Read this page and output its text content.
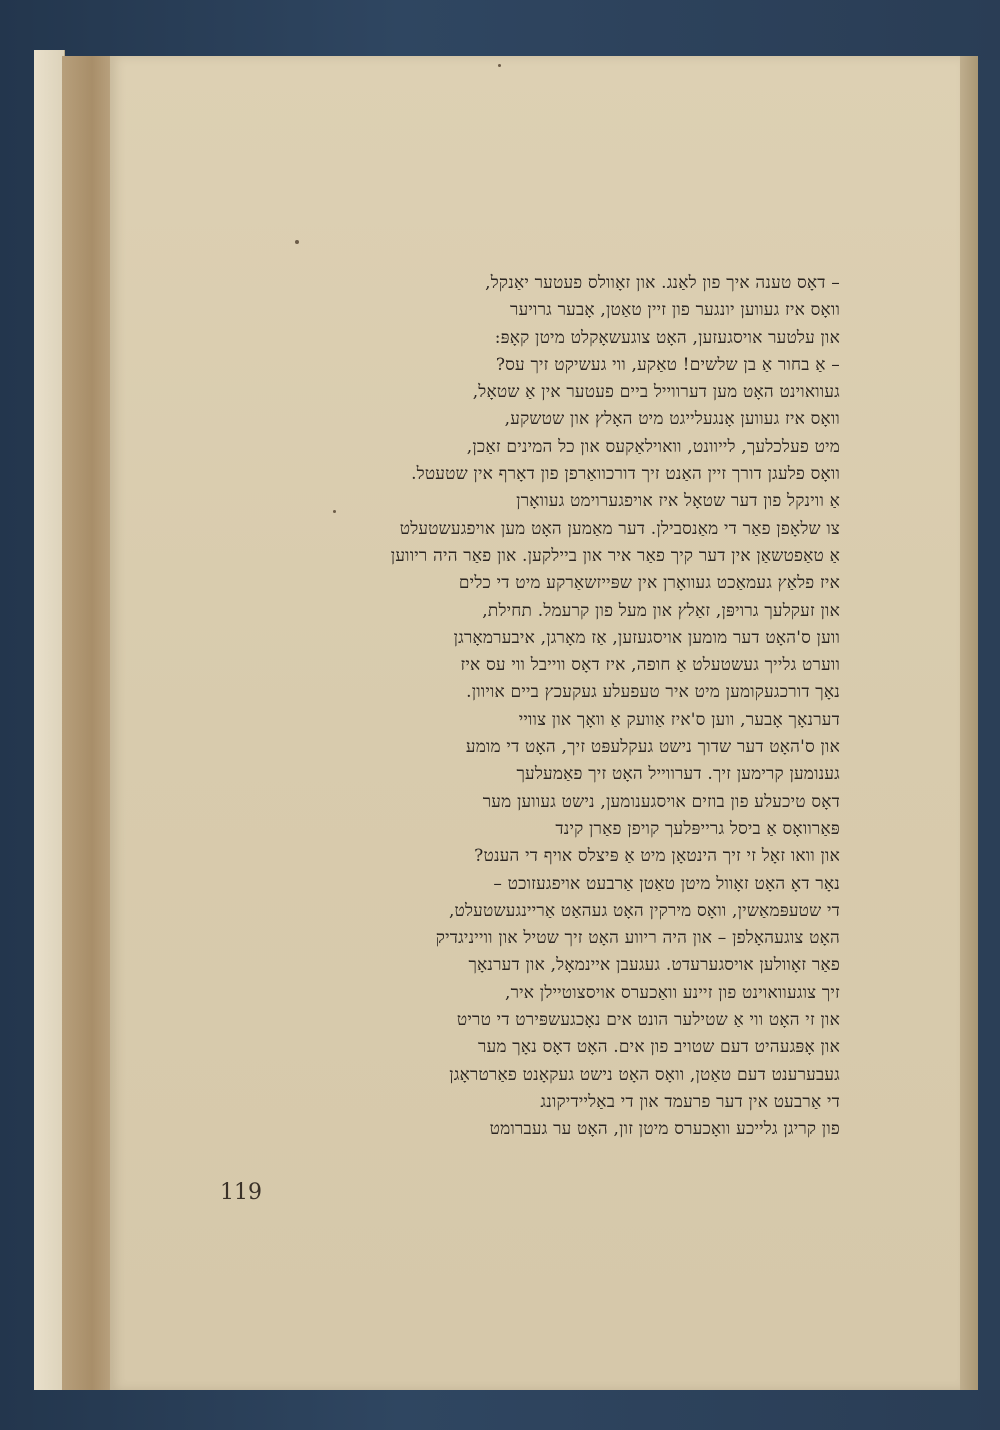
– דאָס טענה איך פון לאַנג. און זאָוולס פעטער יאַנקל,
וואָס איז געווען יונגער פון זיין טאַטן, אָבער גרויער
און עלטער אויסגעזען, האָט צוגעשאָקלט מיטן קאָפּ:
– אַ בחור אַ בן שלשים! טאַקע, ווי געשיקט זיך עס?
געוואוינט האָט מען דערווייל ביים פעטער אין אַ שטאָל,
וואָס איז געווען אָנגעלייגט מיט האָלץ און שטשקע,
מיט פעלכלעך, לייוונט, וואוילאַקעס און כל המינים זאַכן,
וואָס פלעגן דורך זיין האַנט זיך דורכוואַרפן פון דאָרף אין שטעטל.
אַ ווינקל פון דער שטאָל איז אויפגערוימט געוואָרן
צו שלאָפן פאַר די מאַנסבילן. דער מאַמען האָט מען אויפגעשטעלט
אַ טאַפטשאַן אין דער קיך פאַר איר און ביילקען. און פאַר היה ריווען
איז פלאַץ געמאַכט געוואָרן אין שפּייזשאַרקע מיט די כלים
און זעקלעך גרויפּן, זאַלץ און מעל פון קרעמל. תחילת,
ווען ס'האָט דער מומען אויסגעזען, אַז מאָרגן, איבערמאָרגן
ווערט גלייך געשטעלט אַ חופה, איז דאָס ווייבל ווי עס איז
נאָך דורכגעקומען מיט איר טעפעלע געקעכץ ביים אויוון.
דערנאָך אָבער, ווען ס'איז אַוועק אַ וואָך און צוויי
און ס'האָט דער שדוך נישט געקלעפּט זיך, האָט די מומע
גענומען קרימען זיך. דערווייל האָט זיך פאַמעלעך
דאָס טיכעלע פון בוזים אויסגענומען, נישט געווען מער
פּאַרוואָס אַ ביסל גרייפּלעך קויפן פאַרן קינד
און וואו זאָל זי זיך הינטאָן מיט אַ פּיצלס אויף די הענט?
נאָר דאָ האָט זאָוול מיטן טאַטן אַרבעט אויפגעזוכט –
די שטעפּמאַשין, וואָס מירקין האָט געהאַט אַריינגעשטעלט,
האָט צוגעהאָלפן – און היה ריווע האָט זיך שטיל און ווייניגדיק
פאַר זאָוולען אויסגערעדט. געגעבן איינמאָל, און דערנאָך
זיך צוגעוואוינט פון זיינע וואַכערס אויסצוטיילן איר,
און זי האָט ווי אַ שטילער הונט אים נאָכגעשפּירט די טריט
און אָפּגעהיט דעם שטויב פון אים. האָט דאָס נאָך מער
געבערענט דעם טאַטן, וואָס האָט נישט געקאָנט פאַרטראָגן
די אַרבעט אין דער פרעמד און די באַליידיקונג
פון קריגן גלייכע וואָכערס מיטן זון, האָט ער געברומט
119
